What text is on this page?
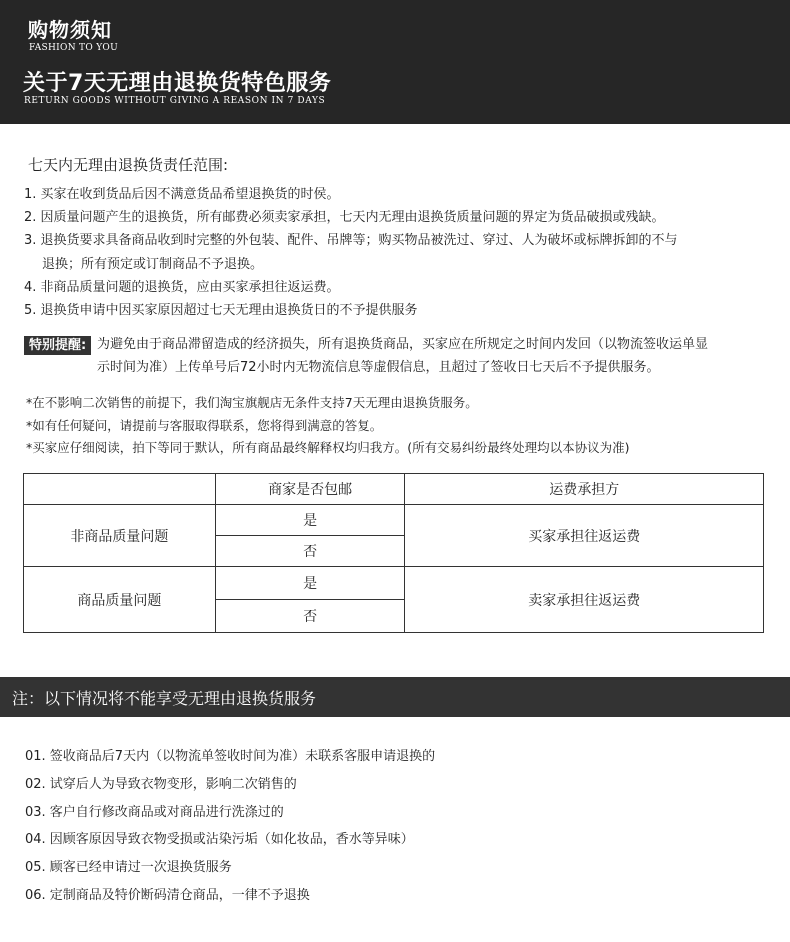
购物须知
FASHION TO YOU
关于7天无理由退换货特色服务
RETURN GOODS WITHOUT GIVING A REASON IN 7 DAYS
七天内无理由退换货责任范围:
1. 买家在收到货品后因不满意货品希望退换货的时侯。
2. 因质量问题产生的退换货，所有邮费必须卖家承担，七天内无理由退换货质量问题的界定为货品破损或残缺。
3. 退换货要求具备商品收到时完整的外包装、配件、吊牌等；购买物品被洗过、穿过、人为破坏或标牌拆卸的不与
退换；所有预定或订制商品不予退换。
4. 非商品质量问题的退换货，应由买家承担往返运费。
5. 退换货申请中因买家原因超过七天无理由退换货日的不予提供服务
特别提醒: 为避免由于商品滞留造成的经济损失，所有退换货商品，买家应在所规定之时间内发回（以物流签收运单显
示时间为准）上传单号后72小时内无物流信息等虚假信息，且超过了签收日七天后不予提供服务。
*在不影响二次销售的前提下，我们淘宝旗舰店无条件支持7天无理由退换货服务。
*如有任何疑问，请提前与客服取得联系，您将得到满意的答复。
*买家应仔细阅读，拍下等同于默认，所有商品最终解释权均归我方。(所有交易纠纷最终处理均以本协议为准)
	商家是否包邮	运费承担方
非商品质量问题	是	买家承担往返运费
	否	
商品质量问题	是	卖家承担往返运费
	否	
注：以下情况将不能享受无理由退换货服务
01. 签收商品后7天内（以物流单签收时间为准）未联系客服申请退换的
02. 试穿后人为导致衣物变形，影响二次销售的
03. 客户自行修改商品或对商品进行洗涤过的
04. 因顾客原因导致衣物受损或沾染污垢（如化妆品，香水等异味）
05. 顾客已经申请过一次退换货服务
06. 定制商品及特价断码清仓商品，一律不予退换
